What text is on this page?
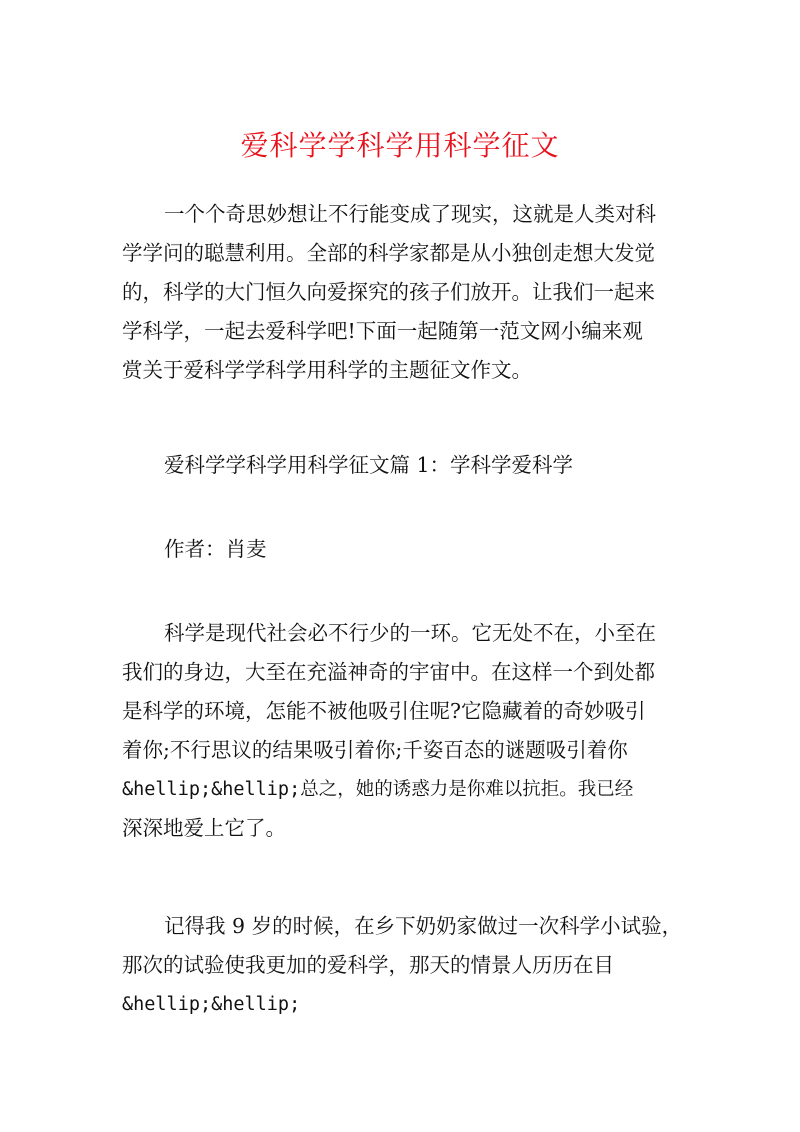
爱科学学科学用科学征文
一个个奇思妙想让不行能变成了现实，这就是人类对科
学学问的聪慧利用。全部的科学家都是从小独创走想大发觉
的，科学的大门恒久向爱探究的孩子们放开。让我们一起来
学科学，一起去爱科学吧!下面一起随第一范文网小编来观
赏关于爱科学学科学用科学的主题征文作文。
爱科学学科学用科学征文篇 1：学科学爱科学
作者：肖麦
科学是现代社会必不行少的一环。它无处不在，小至在
我们的身边，大至在充溢神奇的宇宙中。在这样一个到处都
是科学的环境，怎能不被他吸引住呢?它隐藏着的奇妙吸引
着你;不行思议的结果吸引着你;千姿百态的谜题吸引着你
&hellip;&hellip;总之，她的诱惑力是你难以抗拒。我已经
深深地爱上它了。
记得我 9 岁的时候，在乡下奶奶家做过一次科学小试验，
那次的试验使我更加的爱科学，那天的情景人历历在目
&hellip;&hellip;
